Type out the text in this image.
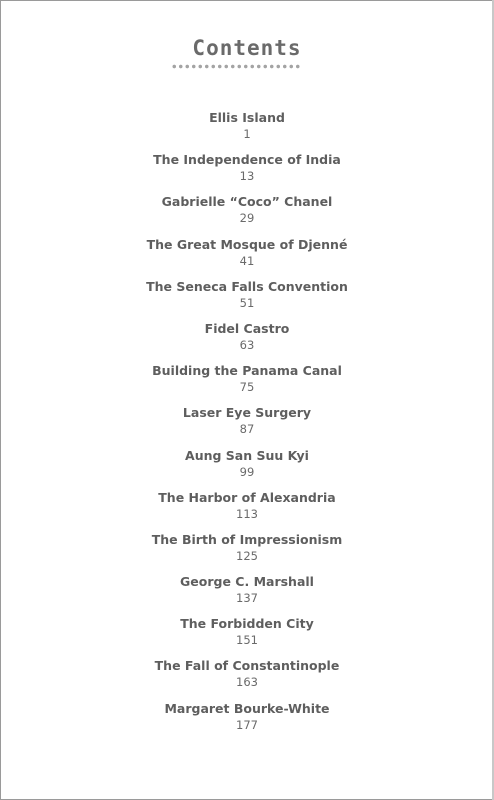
Contents
Ellis Island
1
The Independence of India
13
Gabrielle “Coco” Chanel
29
The Great Mosque of Djenné
41
The Seneca Falls Convention
51
Fidel Castro
63
Building the Panama Canal
75
Laser Eye Surgery
87
Aung San Suu Kyi
99
The Harbor of Alexandria
113
The Birth of Impressionism
125
George C. Marshall
137
The Forbidden City
151
The Fall of Constantinople
163
Margaret Bourke-White
177
